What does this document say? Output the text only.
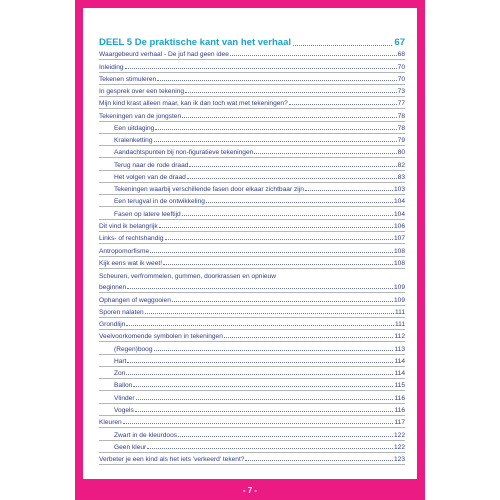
DEEL 5 De praktische kant van het verhaal	67
Waargebeurd verhaal - De juf had geen idee	68
Inleiding	70
Tekenen stimuleren	70
In gesprek over een tekening	73
Mijn kind krast alleen maar, kan ik dan toch wat met tekeningen?	77
Tekeningen van de jongsten	78
Een uitdaging	78
Kralenketting	79
Aandachtspunten bij non-figuratieve tekeningen	80
Terug naar de rode draad	82
Het volgen van de draad	83
Tekeningen waarbij verschillende fasen door elkaar zichtbaar zijn	103
Een terugval in de ontwikkeling	104
Fasen op latere leeftijd	104
Dit vind ik belangrijk	106
Links- of rechtshandig	107
Antropomorfisme	108
Kijk eens wat ik weet!	108
Scheuren, verfrommelen, gummen, doorkrassen en opnieuw
beginnen	109
Ophangen of weggooien	109
Sporen nalaten	111
Grondlijn	111
Veelvoorkomende symbolen in tekeningen	112
(Regen)boog	113
Hart	114
Zon	114
Ballon	115
Vlinder	116
Vogels	116
Kleuren	117
Zwart in de kleurdoos	122
Geen kleur	122
Verbeter je een kind als het iets 'verkeerd' tekent?	123
- 7 -
